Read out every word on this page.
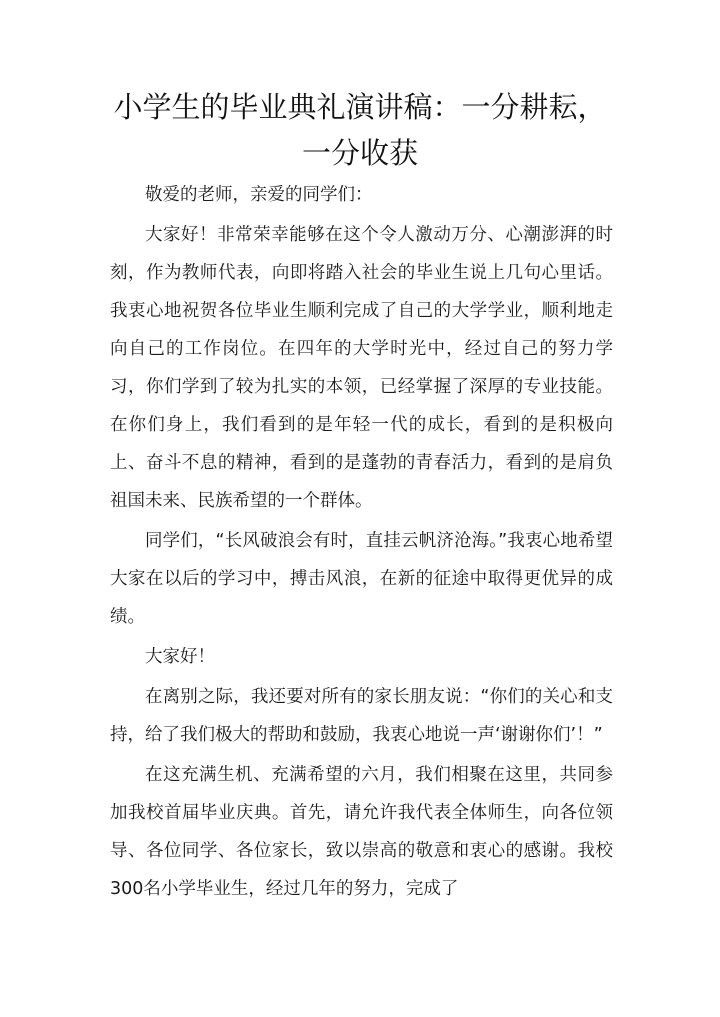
小学生的毕业典礼演讲稿：一分耕耘，一分收获

敬爱的老师，亲爱的同学们：

大家好！非常荣幸能够在这个令人激动万分、心潮澎湃的时刻，作为教师代表，向即将踏入社会的毕业生说上几句心里话。我衷心地祝贺各位毕业生顺利完成了自己的大学学业，顺利地走向自己的工作岗位。在四年的大学时光中，经过自己的努力学习，你们学到了较为扎实的本领，已经掌握了深厚的专业技能。在你们身上，我们看到的是年轻一代的成长，看到的是积极向上、奋斗不息的精神，看到的是蓬勃的青春活力，看到的是肩负祖国未来、民族希望的一个群体。

同学们，“长风破浪会有时，直挂云帆济沧海。”我衷心地希望大家在以后的学习中，搏击风浪，在新的征途中取得更优异的成绩。

大家好！

在离别之际，我还要对所有的家长朋友说：“你们的关心和支持，给了我们极大的帮助和鼓励，我衷心地说一声‘谢谢你们’！”

在这充满生机、充满希望的六月，我们相聚在这里，共同参加我校首届毕业庆典。首先，请允许我代表全体师生，向各位领导、各位同学、各位家长，致以崇高的敬意和衷心的感谢。我校300名小学毕业生，经过几年的努力，完成了
